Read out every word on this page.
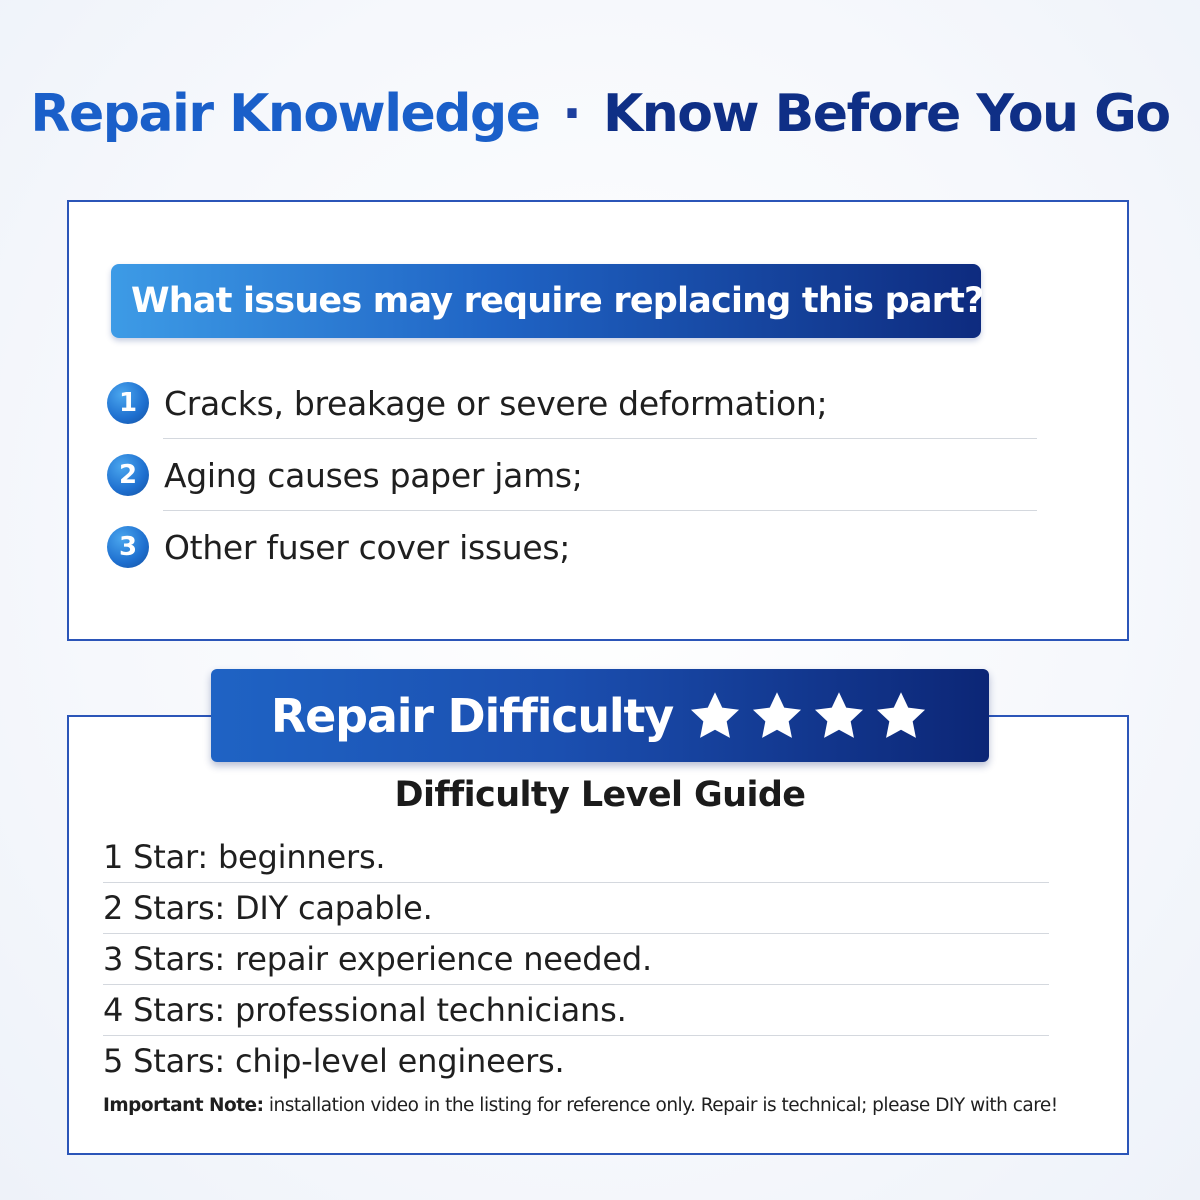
Repair Knowledge · Know Before You Go
What issues may require replacing this part?
1 Cracks, breakage or severe deformation;
2 Aging causes paper jams;
3 Other fuser cover issues;
Difficulty Level Guide
1 Star: beginners.
2 Stars: DIY capable.
3 Stars: repair experience needed.
4 Stars: professional technicians.
5 Stars: chip-level engineers.
Important Note: installation video in the listing for reference only. Repair is technical; please DIY with care!
Repair Difficulty
